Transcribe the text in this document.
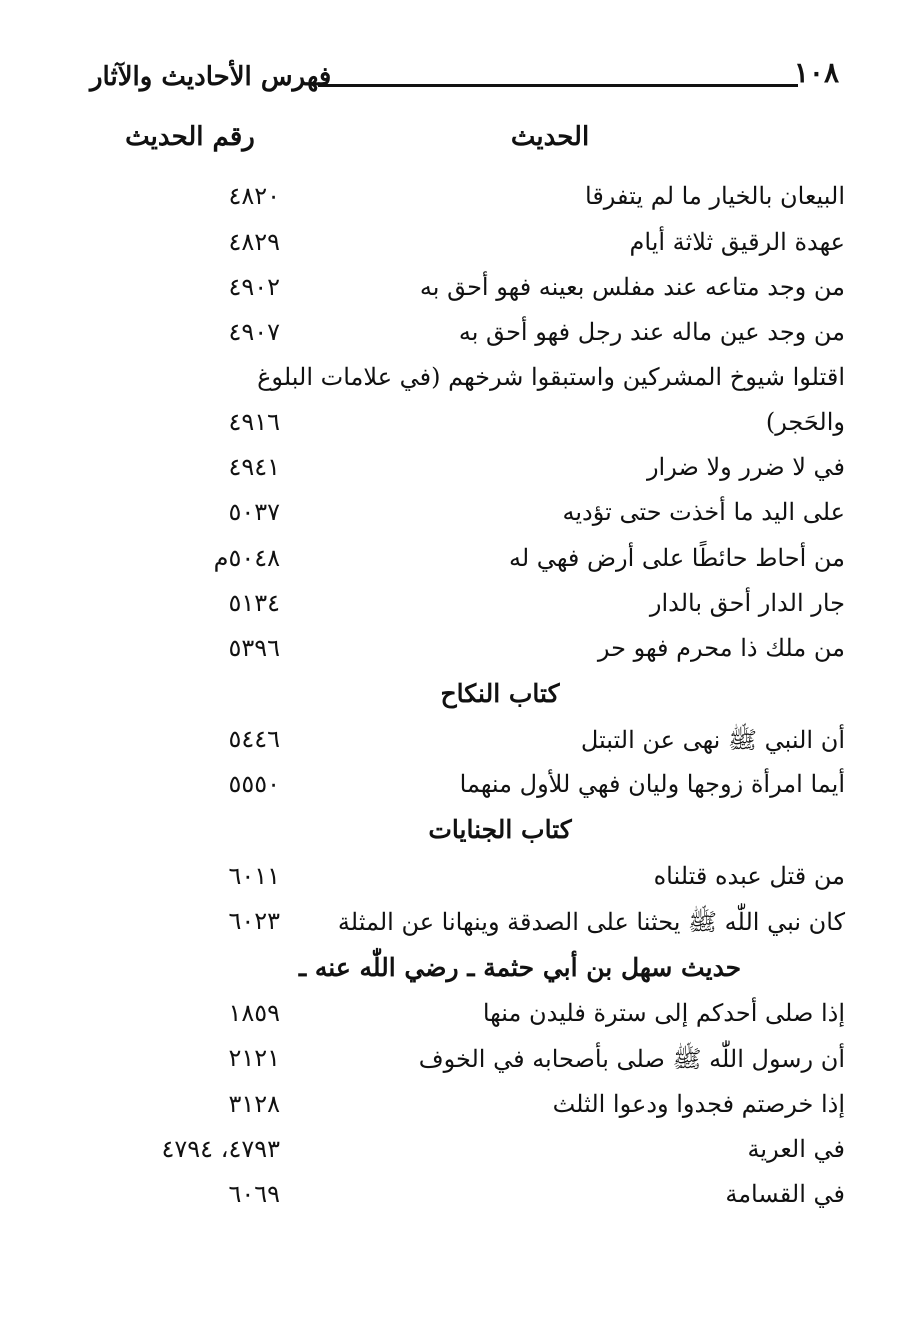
١٠٨
فهرس الأحاديث والآثار
الحديث
رقم الحديث
البيعان بالخيار ما لم يتفرقا
٤٨٢٠
عهدة الرقيق ثلاثة أيام
٤٨٢٩
من وجد متاعه عند مفلس بعينه فهو أحق به
٤٩٠٢
من وجد عين ماله عند رجل فهو أحق به
٤٩٠٧
اقتلوا شيوخ المشركين واستبقوا شرخهم (في علامات البلوغ
والحَجر)
٤٩١٦
في لا ضرر ولا ضرار
٤٩٤١
على اليد ما أخذت حتى تؤديه
٥٠٣٧
من أحاط حائطًا على أرض فهي له
٥٠٤٨م
جار الدار أحق بالدار
٥١٣٤
من ملك ذا محرم فهو حر
٥٣٩٦
كتاب النكاح
أن النبي ﷺ نهى عن التبتل
٥٤٤٦
أيما امرأة زوجها وليان فهي للأول منهما
٥٥٥٠
كتاب الجنايات
من قتل عبده قتلناه
٦٠١١
كان نبي اللّٰه ﷺ يحثنا على الصدقة وينهانا عن المثلة
٦٠٢٣
حديث سهل بن أبي حثمة ـ رضي اللّٰه عنه ـ
إذا صلى أحدكم إلى سترة فليدن منها
١٨٥٩
أن رسول اللّٰه ﷺ صلى بأصحابه في الخوف
٢١٢١
إذا خرصتم فجدوا ودعوا الثلث
٣١٢٨
في العرية
٤٧٩٣، ٤٧٩٤
في القسامة
٦٠٦٩
